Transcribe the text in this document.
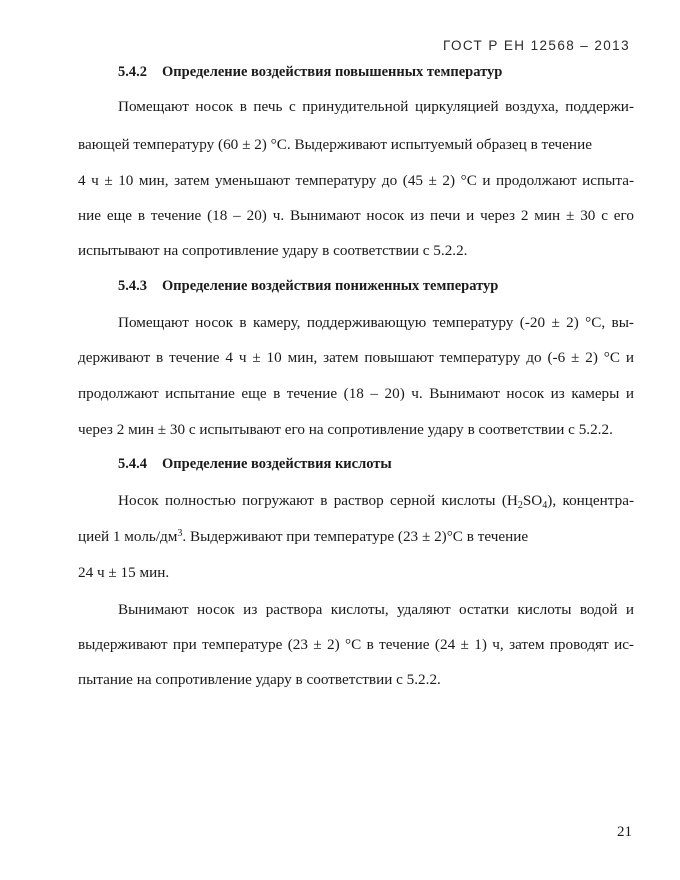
ГОСТ Р ЕН 12568 – 2013
5.4.2 Определение воздействия повышенных температур
Помещают носок в печь с принудительной циркуляцией воздуха, поддержи-
вающей температуру (60 ± 2) °С. Выдерживают испытуемый образец в течение
4 ч ± 10 мин, затем уменьшают температуру до (45 ± 2) °С и продолжают испыта-
ние еще в течение (18 – 20) ч. Вынимают носок из печи и через 2 мин ± 30 с его
испытывают на сопротивление удару в соответствии с 5.2.2.
5.4.3 Определение воздействия пониженных температур
Помещают носок в камеру, поддерживающую температуру (-20 ± 2) °С, вы-
держивают в течение 4 ч ± 10 мин, затем повышают температуру до (-6 ± 2) °С и
продолжают испытание еще в течение (18 – 20) ч. Вынимают носок из камеры и
через 2 мин ± 30 с испытывают его на сопротивление удару в соответствии с 5.2.2.
5.4.4 Определение воздействия кислоты
Носок полностью погружают в раствор серной кислоты $(H_2SO_4)$, концентра-
цией 1 моль/$дм^3$. Выдерживают при температуре (23 ± 2)°С в течение
24 ч ± 15 мин.
Вынимают носок из раствора кислоты, удаляют остатки кислоты водой и
выдерживают при температуре (23 ± 2) °С в течение (24 ± 1) ч, затем проводят ис-
пытание на сопротивление удару в соответствии с 5.2.2.
21
